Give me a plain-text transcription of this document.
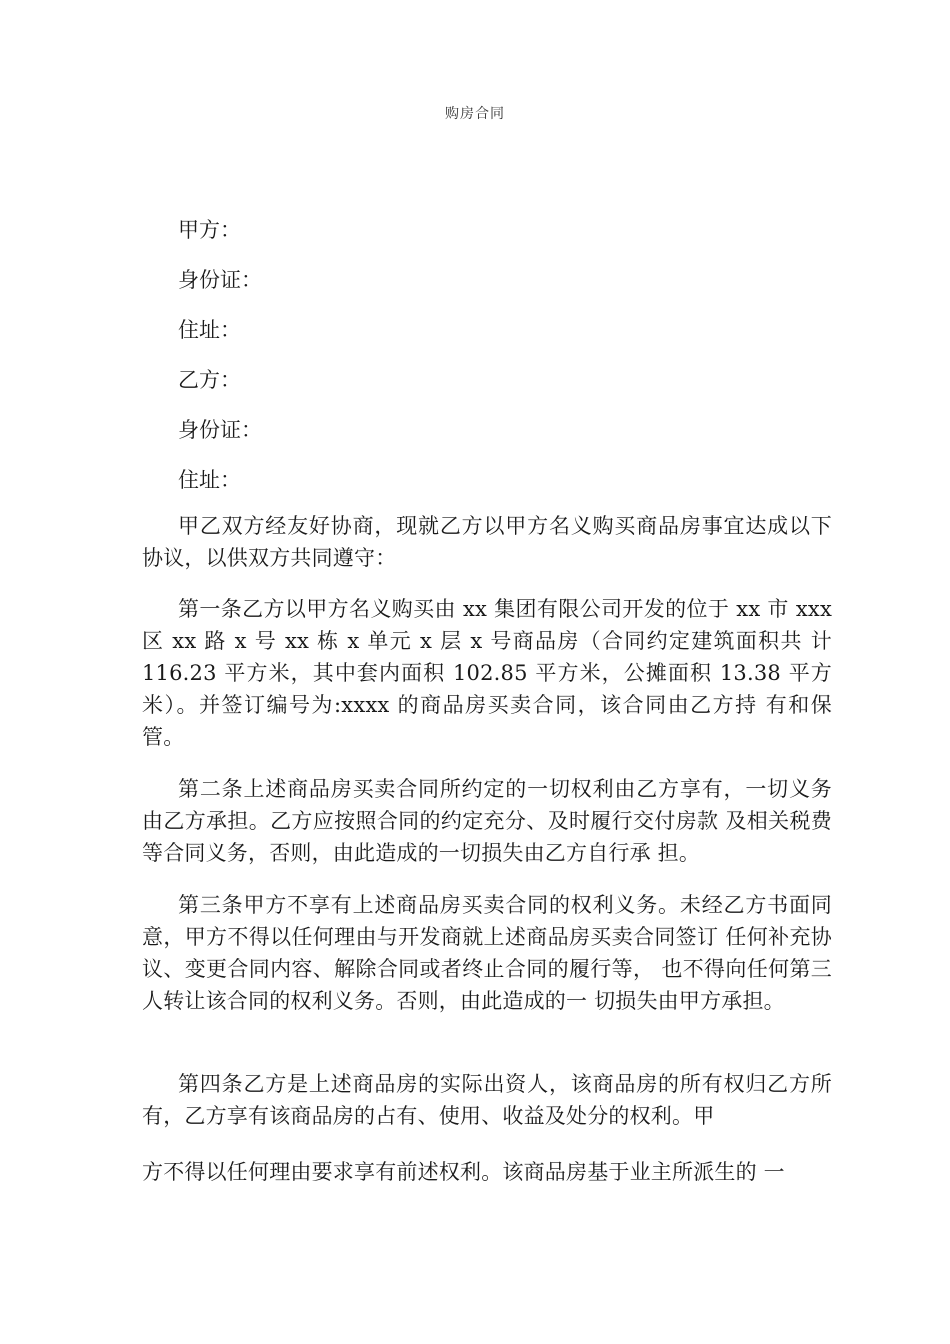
购房合同

甲方：

身份证：

住址：

乙方：

身份证：

住址：

甲乙双方经友好协商，现就乙方以甲方名义购买商品房事宜达成以下协议，以供双方共同遵守：

第一条乙方以甲方名义购买由 xx 集团有限公司开发的位于 xx 市 xxx 区 xx 路 x 号 xx 栋 x 单元 x 层 x 号商品房（合同约定建筑面积共 计 116.23 平方米，其中套内面积 102.85 平方米，公摊面积 13.38 平方米）。并签订编号为:xxxx 的商品房买卖合同，该合同由乙方持 有和保管。

第二条上述商品房买卖合同所约定的一切权利由乙方享有，一切义务由乙方承担。乙方应按照合同的约定充分、及时履行交付房款 及相关税费等合同义务，否则，由此造成的一切损失由乙方自行承 担。

第三条甲方不享有上述商品房买卖合同的权利义务。未经乙方书面同意，甲方不得以任何理由与开发商就上述商品房买卖合同签订 任何补充协议、变更合同内容、解除合同或者终止合同的履行等， 也不得向任何第三人转让该合同的权利义务。否则，由此造成的一 切损失由甲方承担。

第四条乙方是上述商品房的实际出资人，该商品房的所有权归乙方所有，乙方享有该商品房的占有、使用、收益及处分的权利。甲

方不得以任何理由要求享有前述权利。该商品房基于业主所派生的 一
